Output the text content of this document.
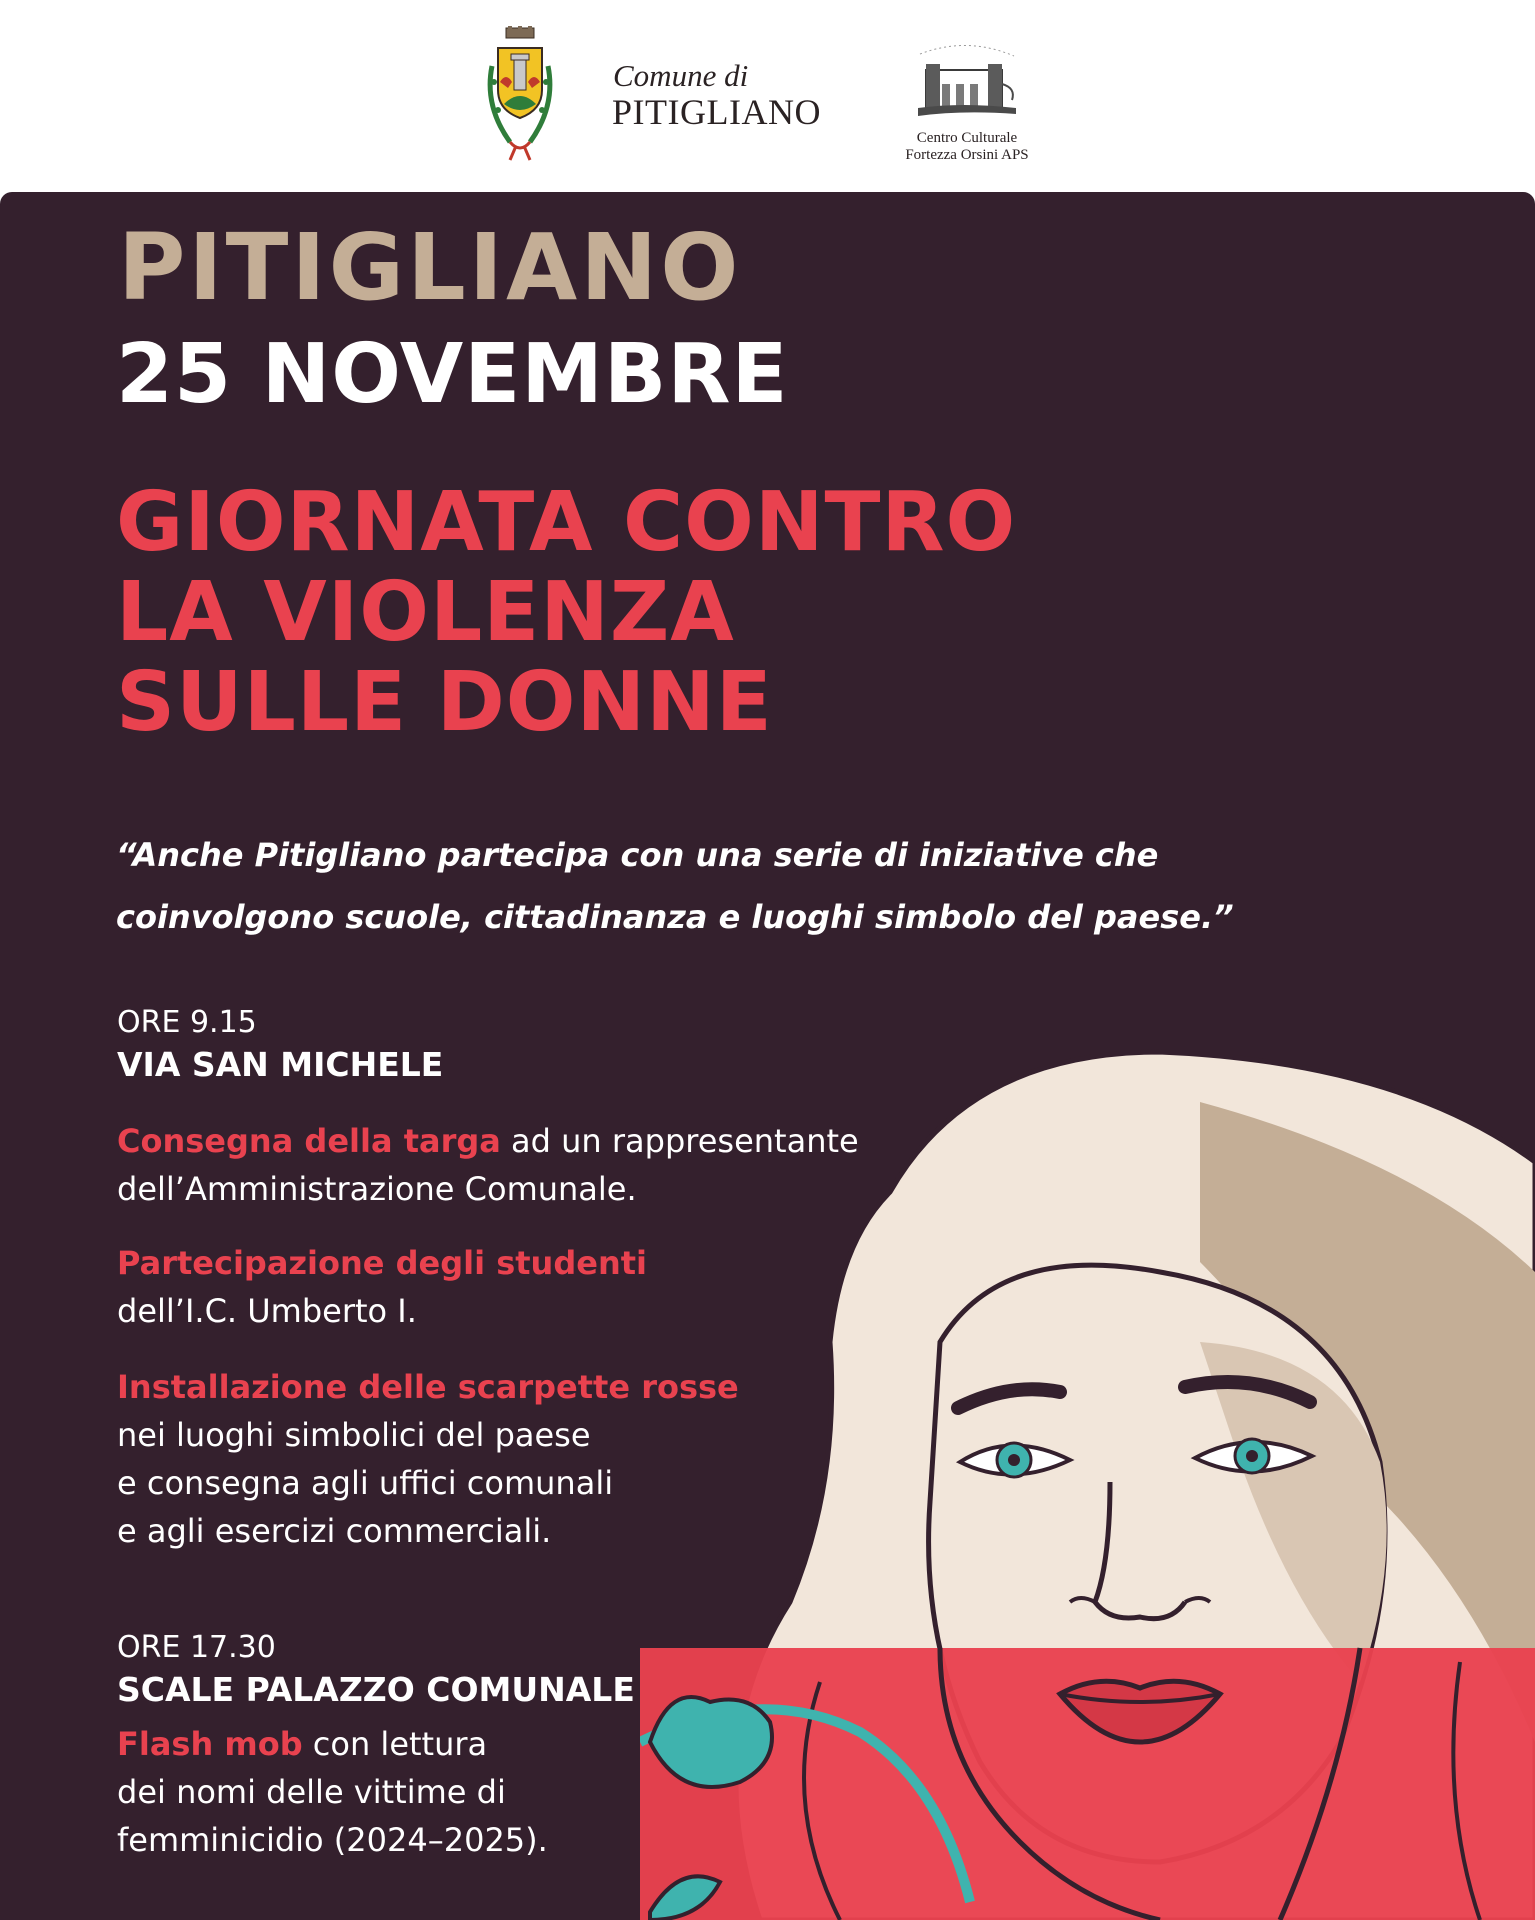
Comune di
PITIGLIANO
Centro Culturale
Fortezza Orsini APS
PITIGLIANO
25 NOVEMBRE
GIORNATA CONTRO
LA VIOLENZA
SULLE DONNE

“Anche Pitigliano partecipa con una serie di iniziative che
coinvolgono scuole, cittadinanza e luoghi simbolo del paese.”

ORE 9.15
VIA SAN MICHELE
Consegna della targa ad un rappresentante
dell’Amministrazione Comunale.
Partecipazione degli studenti
dell’I.C. Umberto I.
Installazione delle scarpette rosse
nei luoghi simbolici del paese
e consegna agli uffici comunali
e agli esercizi commerciali.
ORE 17.30
SCALE PALAZZO COMUNALE
Flash mob con lettura
dei nomi delle vittime di
femminicidio (2024–2025).
